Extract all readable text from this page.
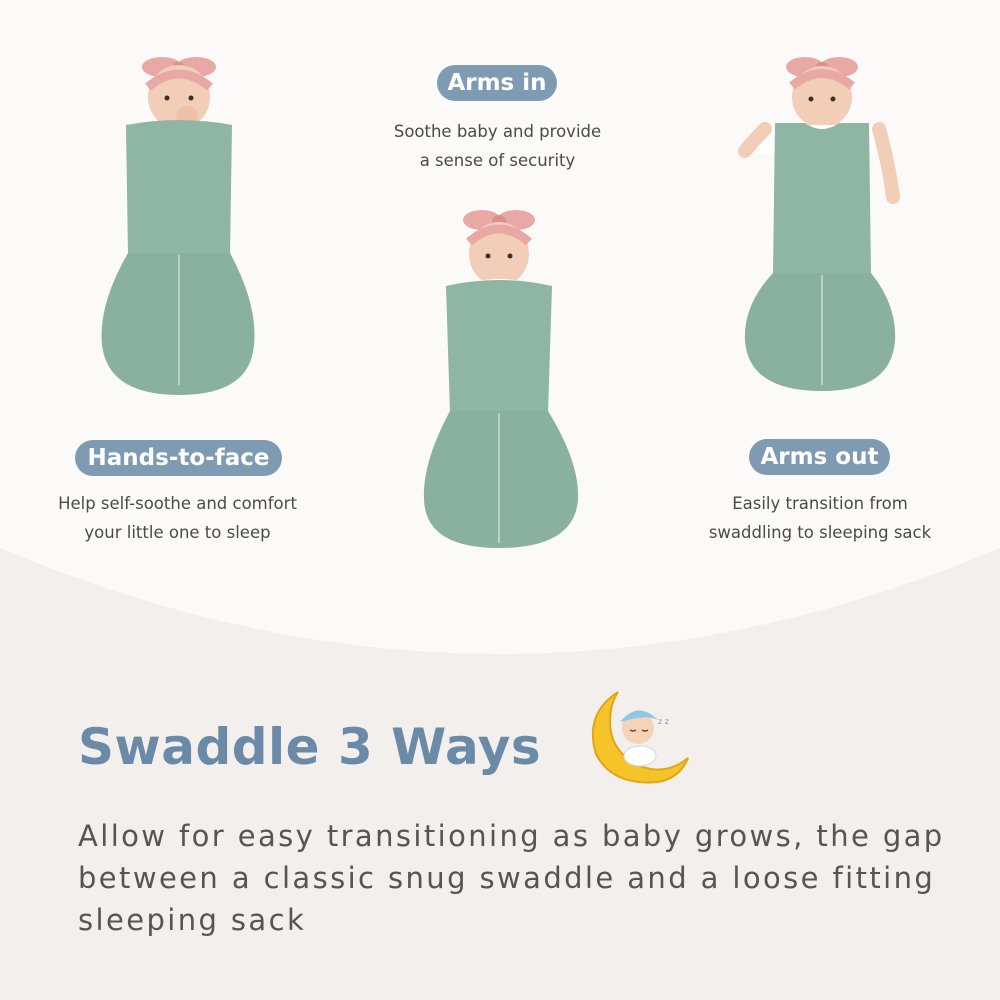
Arms in
Soothe baby and provide
a sense of security
Hands-to-face
Help self-soothe and comfort
your little one to sleep
Arms out
Easily transition from
swaddling to sleeping sack
Swaddle 3 Ways	z z
Allow for easy transitioning as baby grows, the gap between a classic snug swaddle and a loose fitting sleeping sack
